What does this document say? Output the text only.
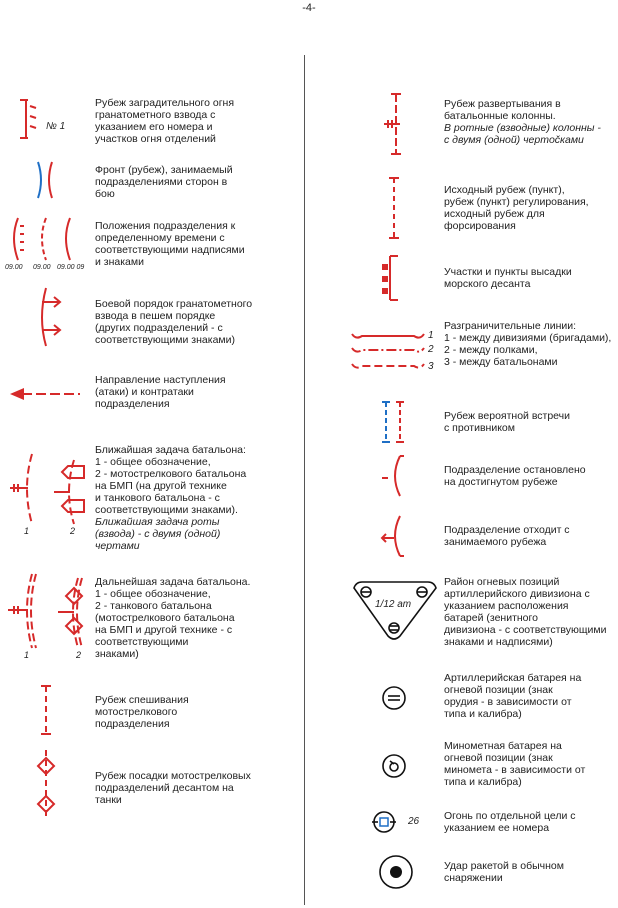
-4-
№ 1
Рубеж заградительного огня
гранатометного взвода с
указанием его номера и
участков огня отделений
Фронт (рубеж), занимаемый
подразделениями сторон в
бою
09.00 09.00 09.00 09
Положения подразделения к
определенному времени с
соответствующими надписями
и знаками
Боевой порядок гранатометного
взвода в пешем порядке
(других подразделений - с
соответствующими знаками)
Направление наступления
(атаки) и контратаки
подразделения
1	2
Ближайшая задача батальона:
1 - общее обозначение,
2 - мотострелкового батальона
на БМП (на другой технике
и танкового батальона - с
соответствующими знаками).
Ближайшая задача роты
(взвода) - с двумя (одной)
чертами
1	2
Дальнейшая задача батальона.
1 - общее обозначение,
2 - танкового батальона
(мотострелкового батальона
на БМП и другой технике - с
соответствующими
знаками)
Рубеж спешивания
мотострелкового
подразделения
Рубеж посадки мотострелковых
подразделений десантом на
танки
Рубеж развертывания в
батальонные колонны.
В ротные (взводные) колонны -
с двумя (одной) чертočками
Исходный рубеж (пункт),
рубеж (пункт) регулирования,
исходный рубеж для
форсирования
Участки и пункты высадки
морского десанта
1
2
3
Разграничительные линии:
1 - между дивизиями (бригадами),
2 - между полками,
3 - между батальонами
Рубеж вероятной встречи
с противником
Подразделение остановлено
на достигнутом рубеже
Подразделение отходит с
занимаемого рубежа
1/12 ат
Район огневых позиций
артиллерийского дивизиона с
указанием расположения
батарей (зенитного
дивизиона - с соответствующими
знаками и надписями)
Артиллерийская батарея на
огневой позиции (знак
орудия - в зависимости от
типа и калибра)
Минометная батарея на
огневой позиции (знак
миномета - в зависимости от
типа и калибра)
26 Огонь по отдельной цели с
указанием ее номера
Удар ракетой в обычном
снаряжении
